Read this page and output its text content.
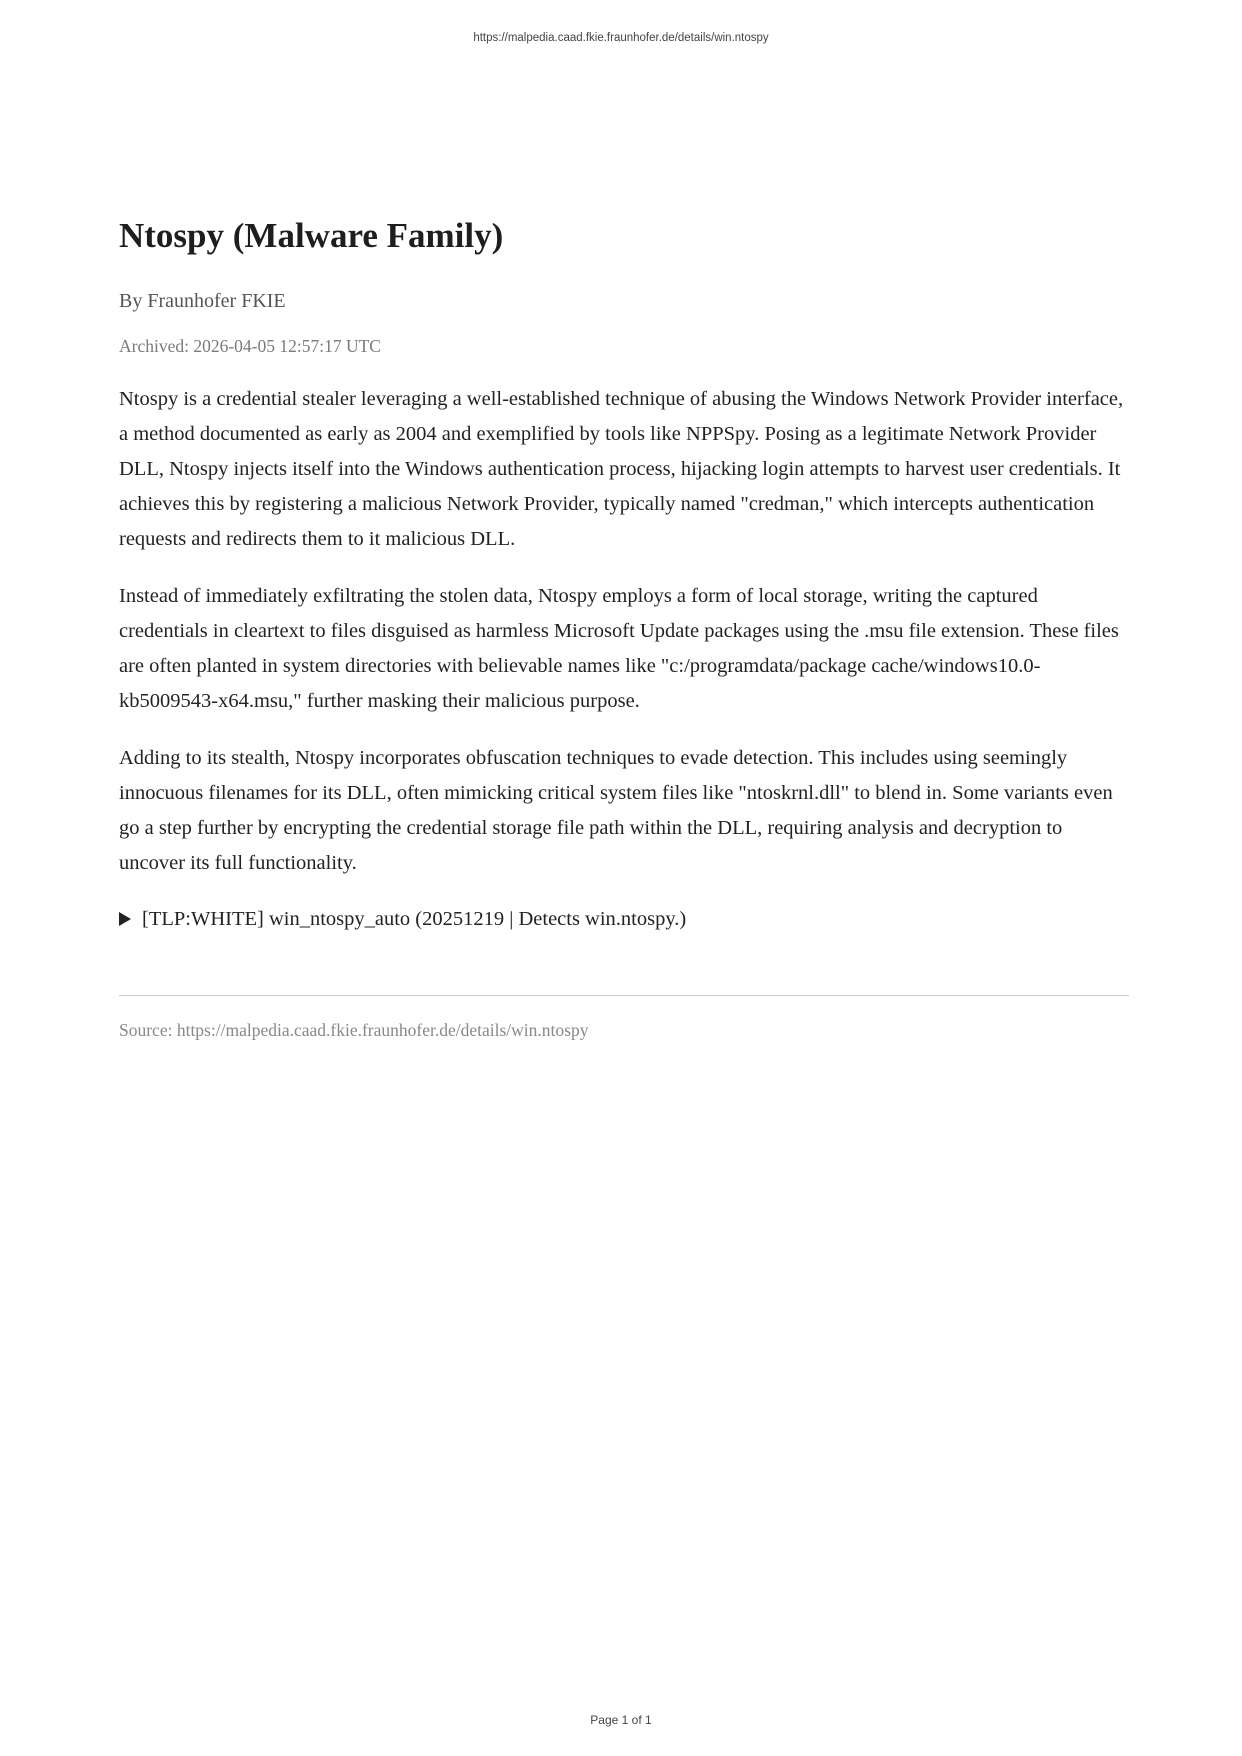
https://malpedia.caad.fkie.fraunhofer.de/details/win.ntospy
Ntospy (Malware Family)

By Fraunhofer FKIE

Archived: 2026-04-05 12:57:17 UTC

Ntospy is a credential stealer leveraging a well-established technique of abusing the Windows Network Provider interface, a method documented as early as 2004 and exemplified by tools like NPPSpy. Posing as a legitimate Network Provider DLL, Ntospy injects itself into the Windows authentication process, hijacking login attempts to harvest user credentials. It achieves this by registering a malicious Network Provider, typically named "credman," which intercepts authentication requests and redirects them to it malicious DLL.

Instead of immediately exfiltrating the stolen data, Ntospy employs a form of local storage, writing the captured credentials in cleartext to files disguised as harmless Microsoft Update packages using the .msu file extension. These files are often planted in system directories with believable names like "c:/programdata/package cache/windows10.0-kb5009543-x64.msu," further masking their malicious purpose.

Adding to its stealth, Ntospy incorporates obfuscation techniques to evade detection. This includes using seemingly innocuous filenames for its DLL, often mimicking critical system files like "ntoskrnl.dll" to blend in. Some variants even go a step further by encrypting the credential storage file path within the DLL, requiring analysis and decryption to uncover its full functionality.

[TLP:WHITE] win_ntospy_auto (20251219 | Detects win.ntospy.)

Source: https://malpedia.caad.fkie.fraunhofer.de/details/win.ntospy

Page 1 of 1
